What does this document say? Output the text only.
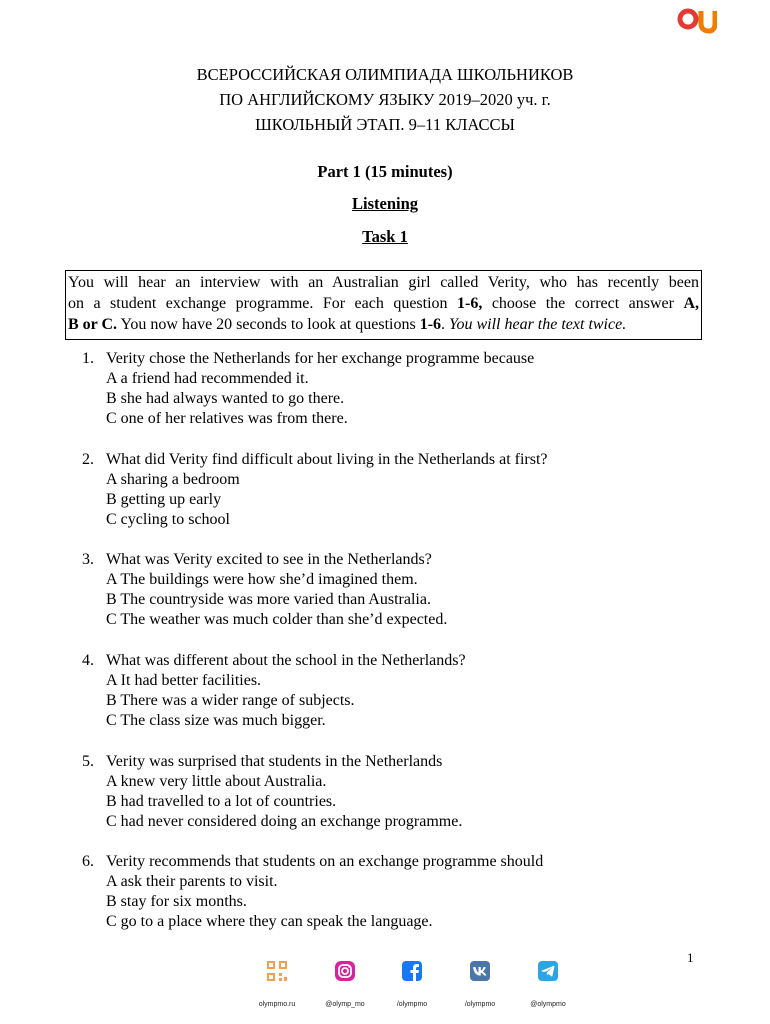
ВСЕРОССИЙСКАЯ ОЛИМПИАДА ШКОЛЬНИКОВ
ПО АНГЛИЙСКОМУ ЯЗЫКУ 2019–2020 уч. г.
ШКОЛЬНЫЙ ЭТАП. 9–11 КЛАССЫ
Part 1 (15 minutes)
Listening
Task 1
You will hear an interview with an Australian girl called Verity, who has recently been
on a student exchange programme. For each question 1-6, choose the correct answer A,
B or C. You now have 20 seconds to look at questions 1-6. You will hear the text twice.
1. Verity chose the Netherlands for her exchange programme because
A a friend had recommended it.
B she had always wanted to go there.
C one of her relatives was from there.
2. What did Verity find difficult about living in the Netherlands at first?
A sharing a bedroom
B getting up early
C cycling to school
3. What was Verity excited to see in the Netherlands?
A The buildings were how she’d imagined them.
B The countryside was more varied than Australia.
C The weather was much colder than she’d expected.
4. What was different about the school in the Netherlands?
A It had better facilities.
B There was a wider range of subjects.
C The class size was much bigger.
5. Verity was surprised that students in the Netherlands
A knew very little about Australia.
B had travelled to a lot of countries.
C had never considered doing an exchange programme.
6. Verity recommends that students on an exchange programme should
A ask their parents to visit.
B stay for six months.
C go to a place where they can speak the language.
1
olympmo.ru	@olymp_mo	/olympmo	/olympmo	@olympmo
